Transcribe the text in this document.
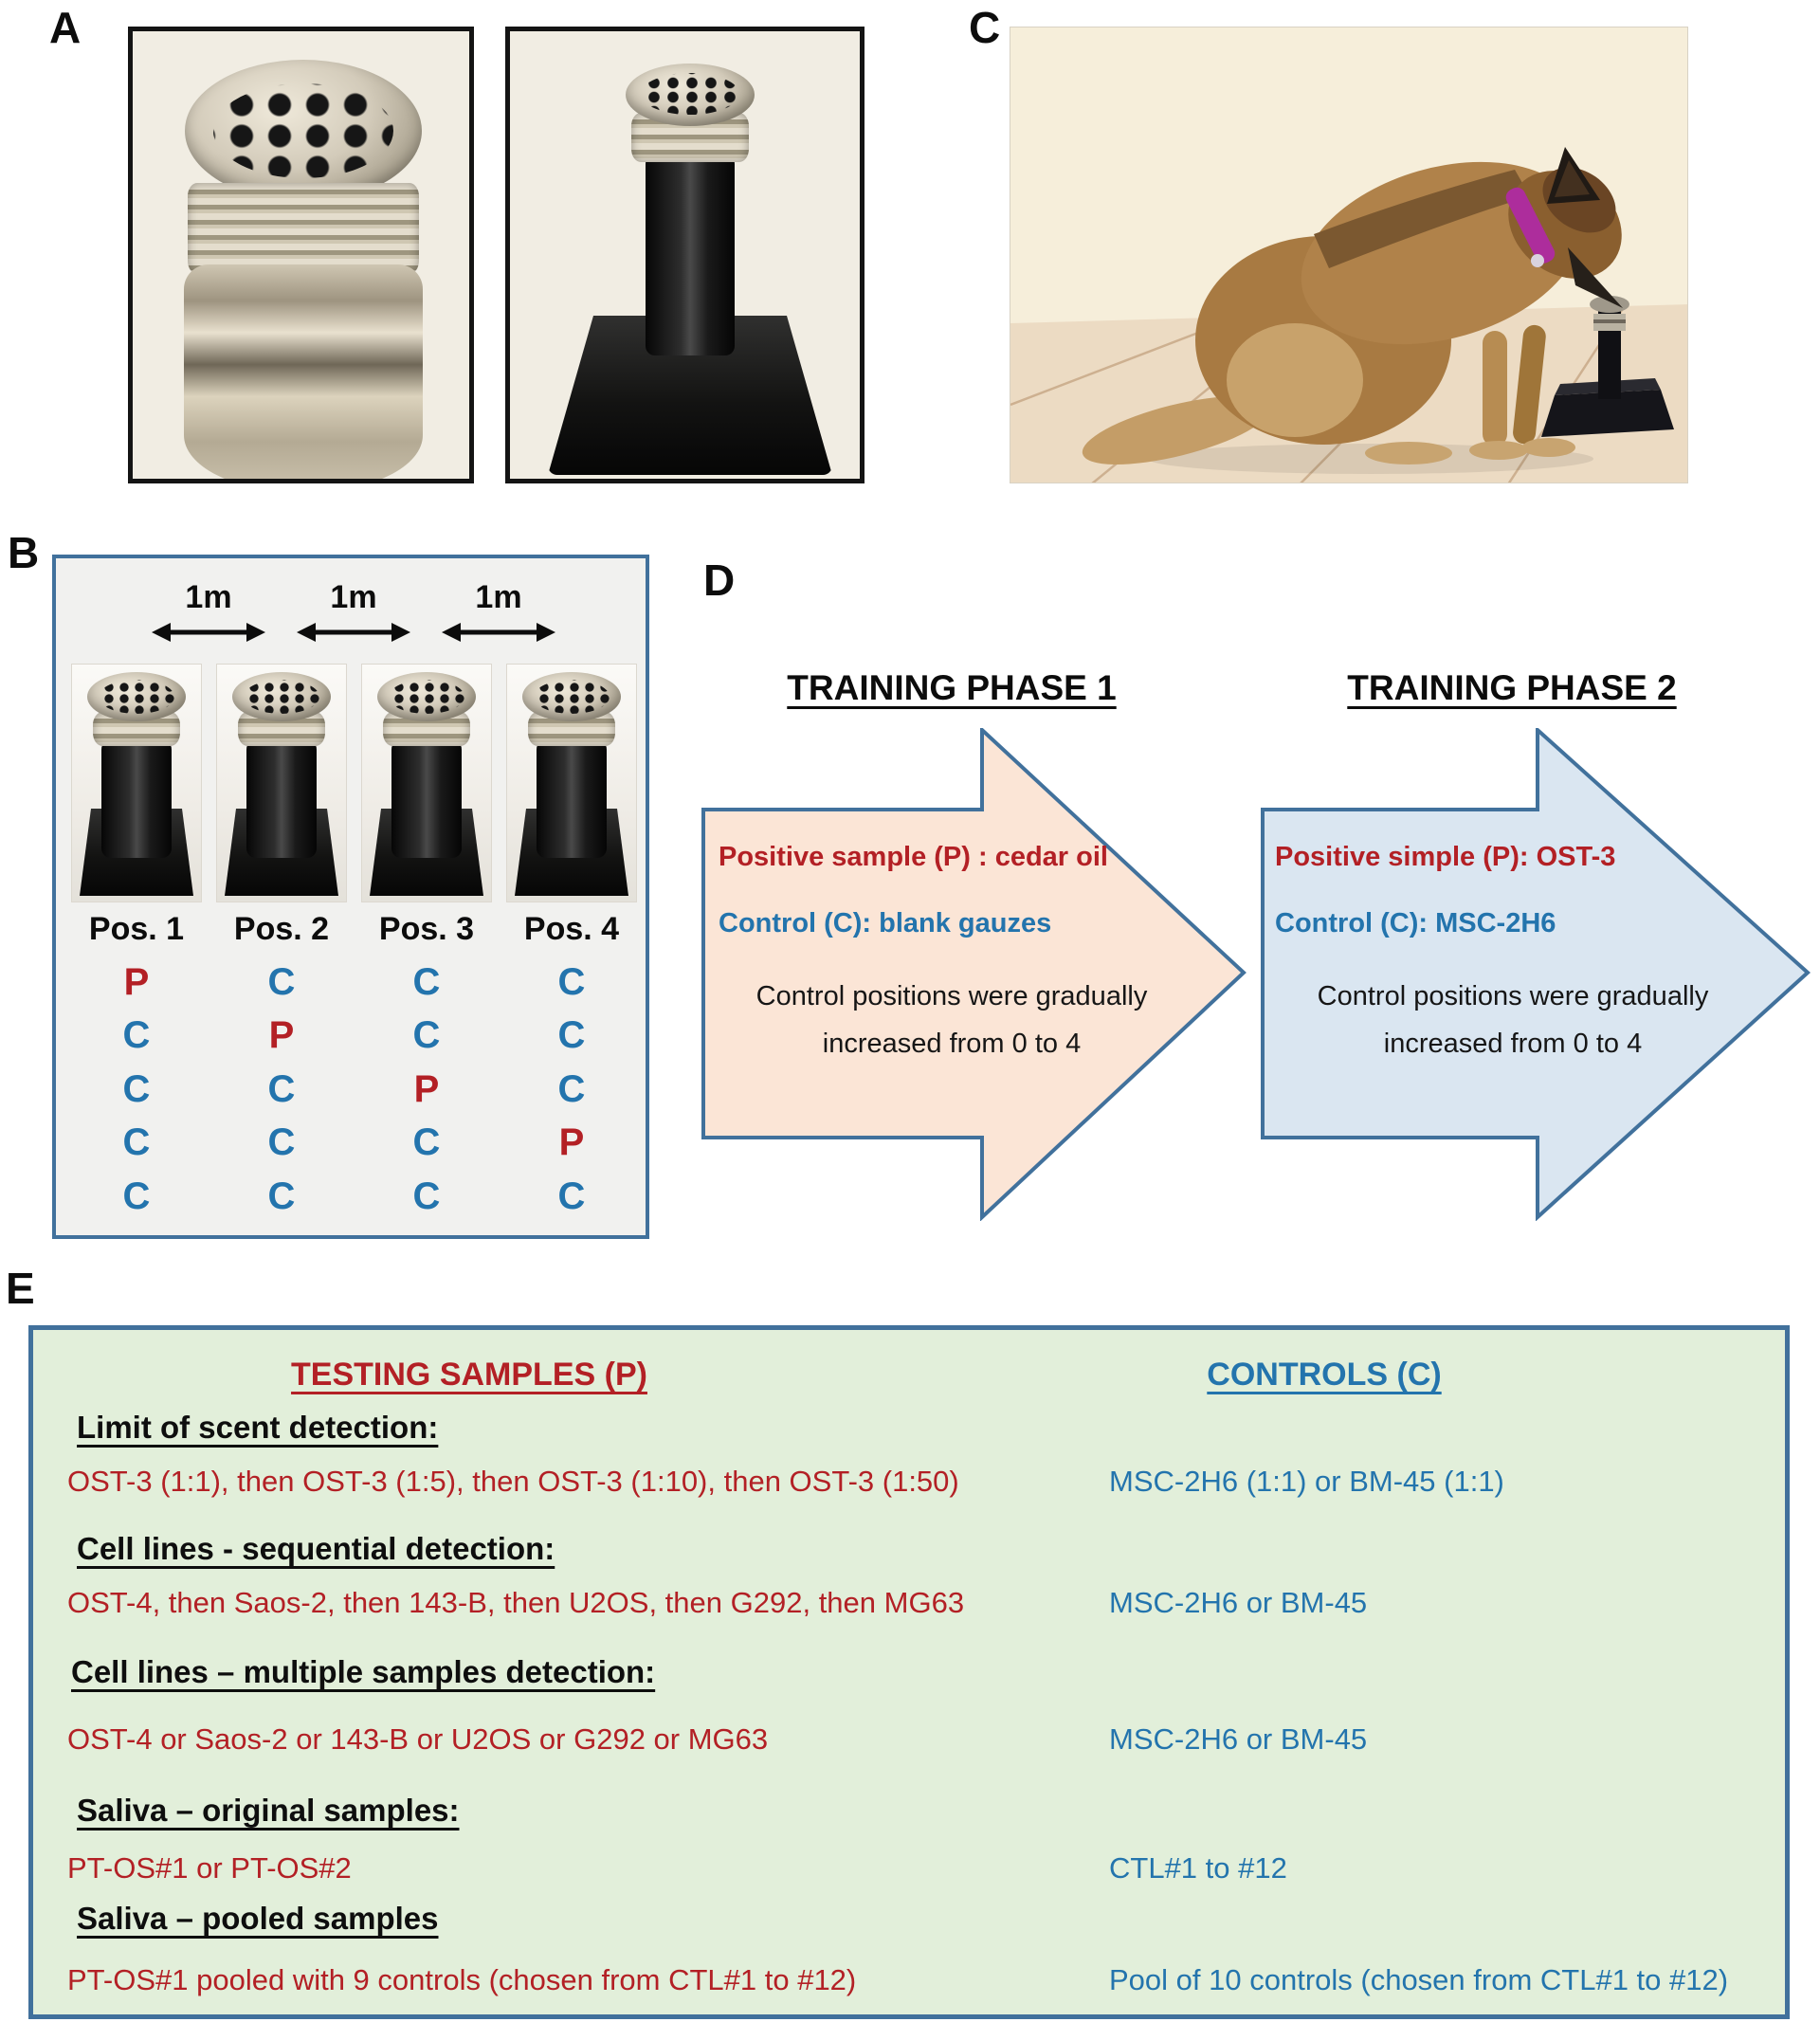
A	C
B
1m	1m	1m
Pos. 1 Pos. 2 Pos. 3 Pos. 4
P	C	C	C
C	P	C	C
C	C	P	C
C	C	C	P
C	C	C	C
D
TRAINING PHASE 1	TRAINING PHASE 2
Positive sample (P) : cedar oil
Control (C): blank gauzes
Control positions were gradually increased from 0 to 4
Positive simple (P): OST-3
Control (C): MSC-2H6
Control positions were gradually increased from 0 to 4
E
TESTING SAMPLES (P)	CONTROLS (C)
Limit of scent detection:
OST-3 (1:1), then OST-3 (1:5), then OST-3 (1:10), then OST-3 (1:50)	MSC-2H6 (1:1) or BM-45 (1:1)
Cell lines - sequential detection:
OST-4, then Saos-2, then 143-B, then U2OS, then G292, then MG63	MSC-2H6 or BM-45
Cell lines – multiple samples detection:
OST-4 or Saos-2 or 143-B or U2OS or G292 or MG63	MSC-2H6 or BM-45
Saliva – original samples:
PT-OS#1 or PT-OS#2	CTL#1 to #12
Saliva – pooled samples
PT-OS#1 pooled with 9 controls (chosen from CTL#1 to #12)	Pool of 10 controls (chosen from CTL#1 to #12)
